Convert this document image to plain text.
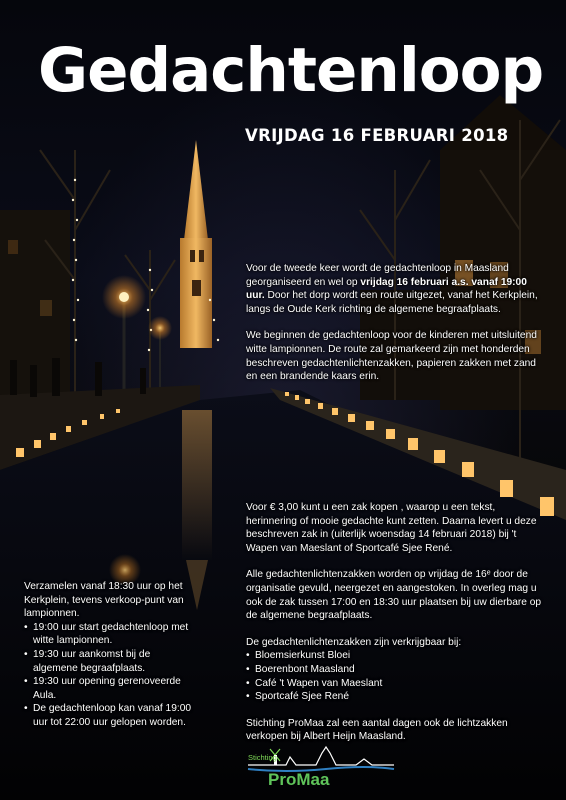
Gedachtenloop
VRIJDAG 16 FEBRUARI 2018

Voor de tweede keer wordt de gedachtenloop in Maasland georganiseerd en wel op vrijdag 16 februari a.s. vanaf 19:00 uur. Door het dorp wordt een route uitgezet, vanaf het Kerkplein, langs de Oude Kerk richting de algemene begraafplaats.

We beginnen de gedachtenloop voor de kinderen met uitsluitend witte lampionnen. De route zal gemarkeerd zijn met honderden beschreven gedachtenlichtenzakken, papieren zakken met zand en een brandende kaars erin.

Voor € 3,00 kunt u een zak kopen , waarop u een tekst, herinnering of mooie gedachte kunt zetten. Daarna levert u deze beschreven zak in (uiterlijk woensdag 14 februari 2018) bij 't Wapen van Maeslant of Sportcafé Sjee René.

Alle gedachtenlichtenzakken worden op vrijdag de 16ᵉ door de organisatie gevuld, neergezet en aangestoken. In overleg mag u ook de zak tussen 17:00 en 18:30 uur plaatsen bij uw dierbare op de algemene begraafplaats.

De gedachtenlichtenzakken zijn verkrijgbaar bij:

• Bloemsierkunst Bloei
• Boerenbont Maasland
• Café 't Wapen van Maeslant
• Sportcafé Sjee René

Stichting ProMaa zal een aantal dagen ook de lichtzakken verkopen bij Albert Heijn Maasland.

Verzamelen vanaf 18:30 uur op het Kerkplein, tevens verkoop-punt van lampionnen.

• 19:00 uur start gedachtenloop met witte lampionnen.
• 19:30 uur aankomst bij de algemene begraafplaats.
• 19:30 uur opening gerenoveerde Aula.
• De gedachtenloop kan vanaf 19:00 uur tot 22:00 uur gelopen worden.
Stichting
ProMaa
